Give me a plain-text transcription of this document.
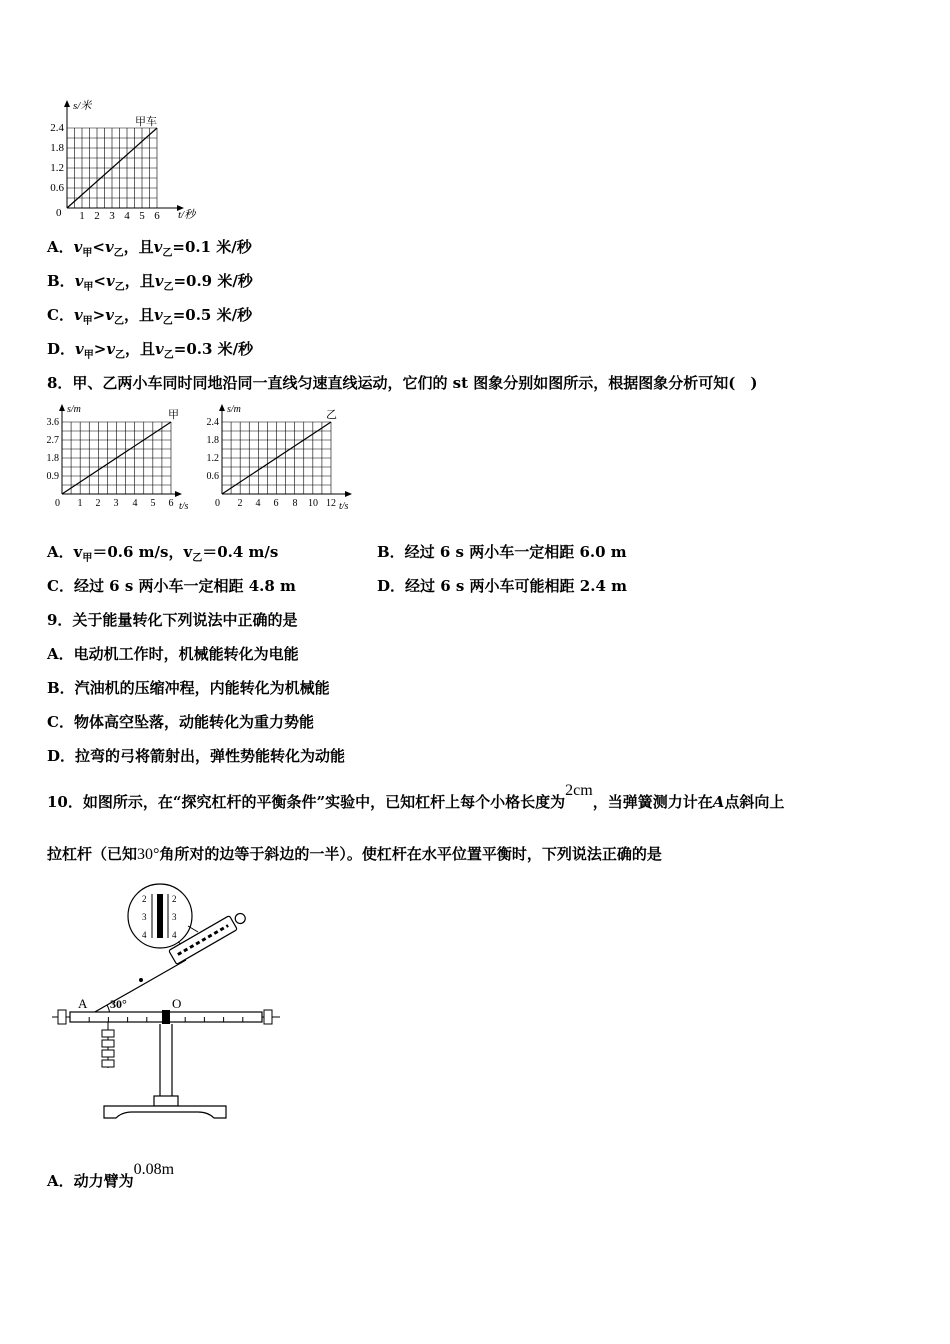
s/米
甲车
0	t/秒
2.4
1.8
1.2
0.6
1 2 3 4 5 6
A．$v_甲<v_乙$，且$v_乙=0.1$ 米/秒
B．$v_甲<v_乙$，且$v_乙=0.9$ 米/秒
C．$v_甲>v_乙$，且$v_乙=0.5$ 米/秒
D．$v_甲>v_乙$，且$v_乙=0.3$ 米/秒
8．甲、乙两小车同时同地沿同一直线匀速直线运动，它们的 st 图象分别如图所示，根据图象分析可知(　)
s/m	甲
0	t/s
3.6
2.7
1.8
0.9
1 2 3 4 5 6
s/m	乙
0	t/s
2.4
1.8
1.2
0.6
2 4 6 8 10 12
A．$v_甲=0.6$ m/s，$v_乙=0.4$ m/s	B．经过 6 s 两小车一定相距 6.0 m
C．经过 6 s 两小车一定相距 4.8 m	D．经过 6 s 两小车可能相距 2.4 m
9．关于能量转化下列说法中正确的是
A．电动机工作时，机械能转化为电能
B．汽油机的压缩冲程，内能转化为机械能
C．物体高空坠落，动能转化为重力势能
D．拉弯的弓将箭射出，弹性势能转化为动能
10．如图所示，在“探究杠杆的平衡条件”实验中，已知杠杆上每个小格长度为2cm，当弹簧测力计在A点斜向上
拉杠杆（已知30°角所对的边等于斜边的一半）。使杠杆在水平位置平衡时，下列说法正确的是
2
3
4
2
3
4
30°
A	O
A．动力臂为0.08m
